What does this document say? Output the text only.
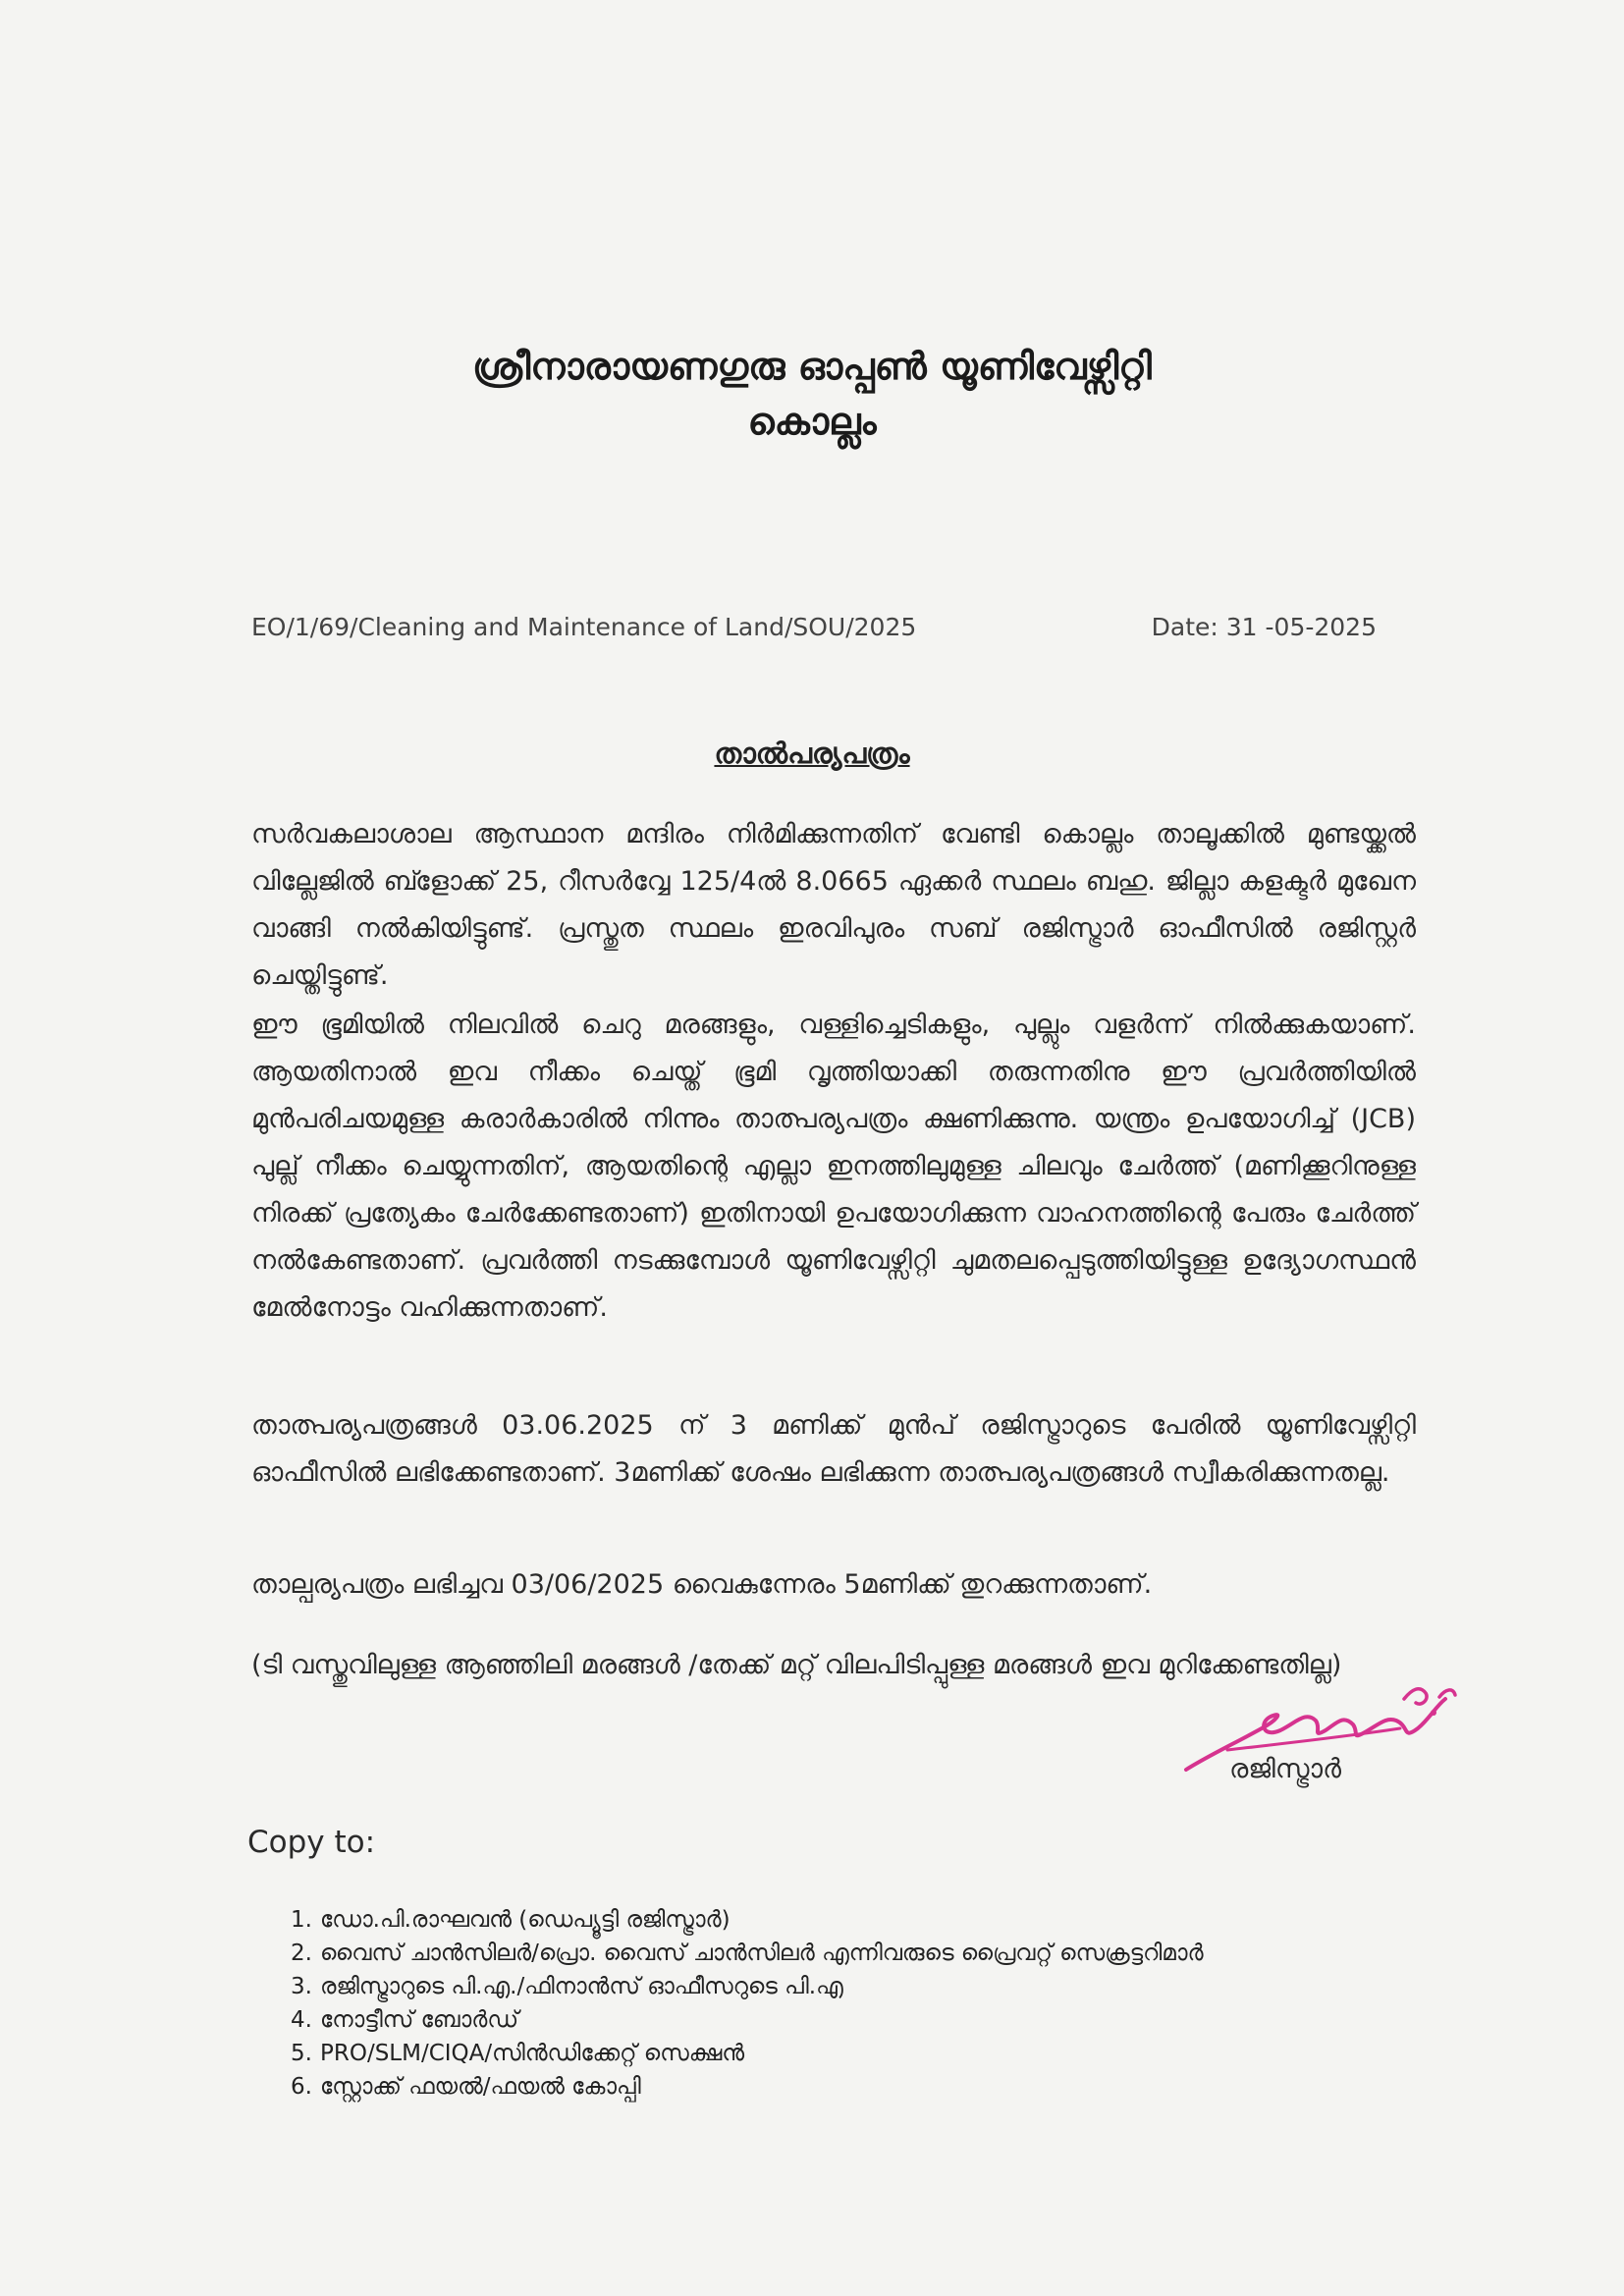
ശ്രീനാരായണഗുരു ഓപ്പൺ യൂണിവേഴ്സിറ്റി
കൊല്ലം
EO/1/69/Cleaning and Maintenance of Land/SOU/2025	Date: 31 -05-2025
താൽപര്യപത്രം
സർവകലാശാല ആസ്ഥാന മന്ദിരം നിർമിക്കുന്നതിന് വേണ്ടി കൊല്ലം താലൂക്കിൽ മുണ്ടയ്ക്കൽ വില്ലേജിൽ ബ്ളോക്ക് 25, റീസർവ്വേ 125/4ൽ 8.0665 ഏക്കർ സ്ഥലം ബഹു. ജില്ലാ കളക്ടർ മുഖേന വാങ്ങി നൽകിയിട്ടുണ്ട്. പ്രസ്തുത സ്ഥലം ഇരവിപുരം സബ് രജിസ്ട്രാർ ഓഫീസിൽ രജിസ്റ്റർ ചെയ്തിട്ടുണ്ട്.
ഈ ഭൂമിയിൽ നിലവിൽ ചെറു മരങ്ങളും, വള്ളിച്ചെടികളും, പുല്ലും വളർന്ന് നിൽക്കുകയാണ്. ആയതിനാൽ ഇവ നീക്കം ചെയ്ത് ഭൂമി വൃത്തിയാക്കി തരുന്നതിനു ഈ പ്രവർത്തിയിൽ മുൻപരിചയമുള്ള കരാർകാരിൽ നിന്നും താത്പര്യപത്രം ക്ഷണിക്കുന്നു. യന്ത്രം ഉപയോഗിച്ച് (JCB) പുല്ല് നീക്കം ചെയ്യുന്നതിന്, ആയതിന്റെ എല്ലാ ഇനത്തിലുമുള്ള ചിലവും ചേർത്ത് (മണിക്കൂറിനുള്ള നിരക്ക് പ്രത്യേകം ചേർക്കേണ്ടതാണ്) ഇതിനായി ഉപയോഗിക്കുന്ന വാഹനത്തിന്റെ പേരും ചേർത്ത് നൽകേണ്ടതാണ്. പ്രവർത്തി നടക്കുമ്പോൾ യൂണിവേഴ്സിറ്റി ചുമതലപ്പെടുത്തിയിട്ടുള്ള ഉദ്യോഗസ്ഥൻ മേൽനോട്ടം വഹിക്കുന്നതാണ്.
താത്പര്യപത്രങ്ങൾ 03.06.2025 ന് 3 മണിക്ക് മുൻപ് രജിസ്ട്രാറുടെ പേരിൽ യൂണിവേഴ്സിറ്റി ഓഫീസിൽ ലഭിക്കേണ്ടതാണ്. 3മണിക്ക് ശേഷം ലഭിക്കുന്ന താത്പര്യപത്രങ്ങൾ സ്വീകരിക്കുന്നതല്ല.
താല്പര്യപത്രം ലഭിച്ചവ 03/06/2025 വൈകുന്നേരം 5മണിക്ക് തുറക്കുന്നതാണ്.
(ടി വസ്തുവിലുള്ള ആഞ്ഞിലി മരങ്ങൾ /തേക്ക് മറ്റ് വിലപിടിപ്പുള്ള മരങ്ങൾ ഇവ മുറിക്കേണ്ടതില്ല)
രജിസ്ട്രാർ
Copy to:
1. ഡോ.പി.രാഘവൻ (ഡെപ്യൂട്ടി രജിസ്ട്രാർ)
2. വൈസ് ചാൻസിലർ/പ്രൊ. വൈസ് ചാൻസിലർ എന്നിവരുടെ പ്രൈവറ്റ് സെക്രട്ടറിമാർ
3. രജിസ്ട്രാറുടെ പി.എ./ഫിനാൻസ് ഓഫീസറുടെ പി.എ
4. നോട്ടീസ് ബോർഡ്
5. PRO/SLM/CIQA/സിൻഡിക്കേറ്റ് സെക്ഷൻ
6. സ്റ്റോക്ക് ഫയൽ/ഫയൽ കോപ്പി
